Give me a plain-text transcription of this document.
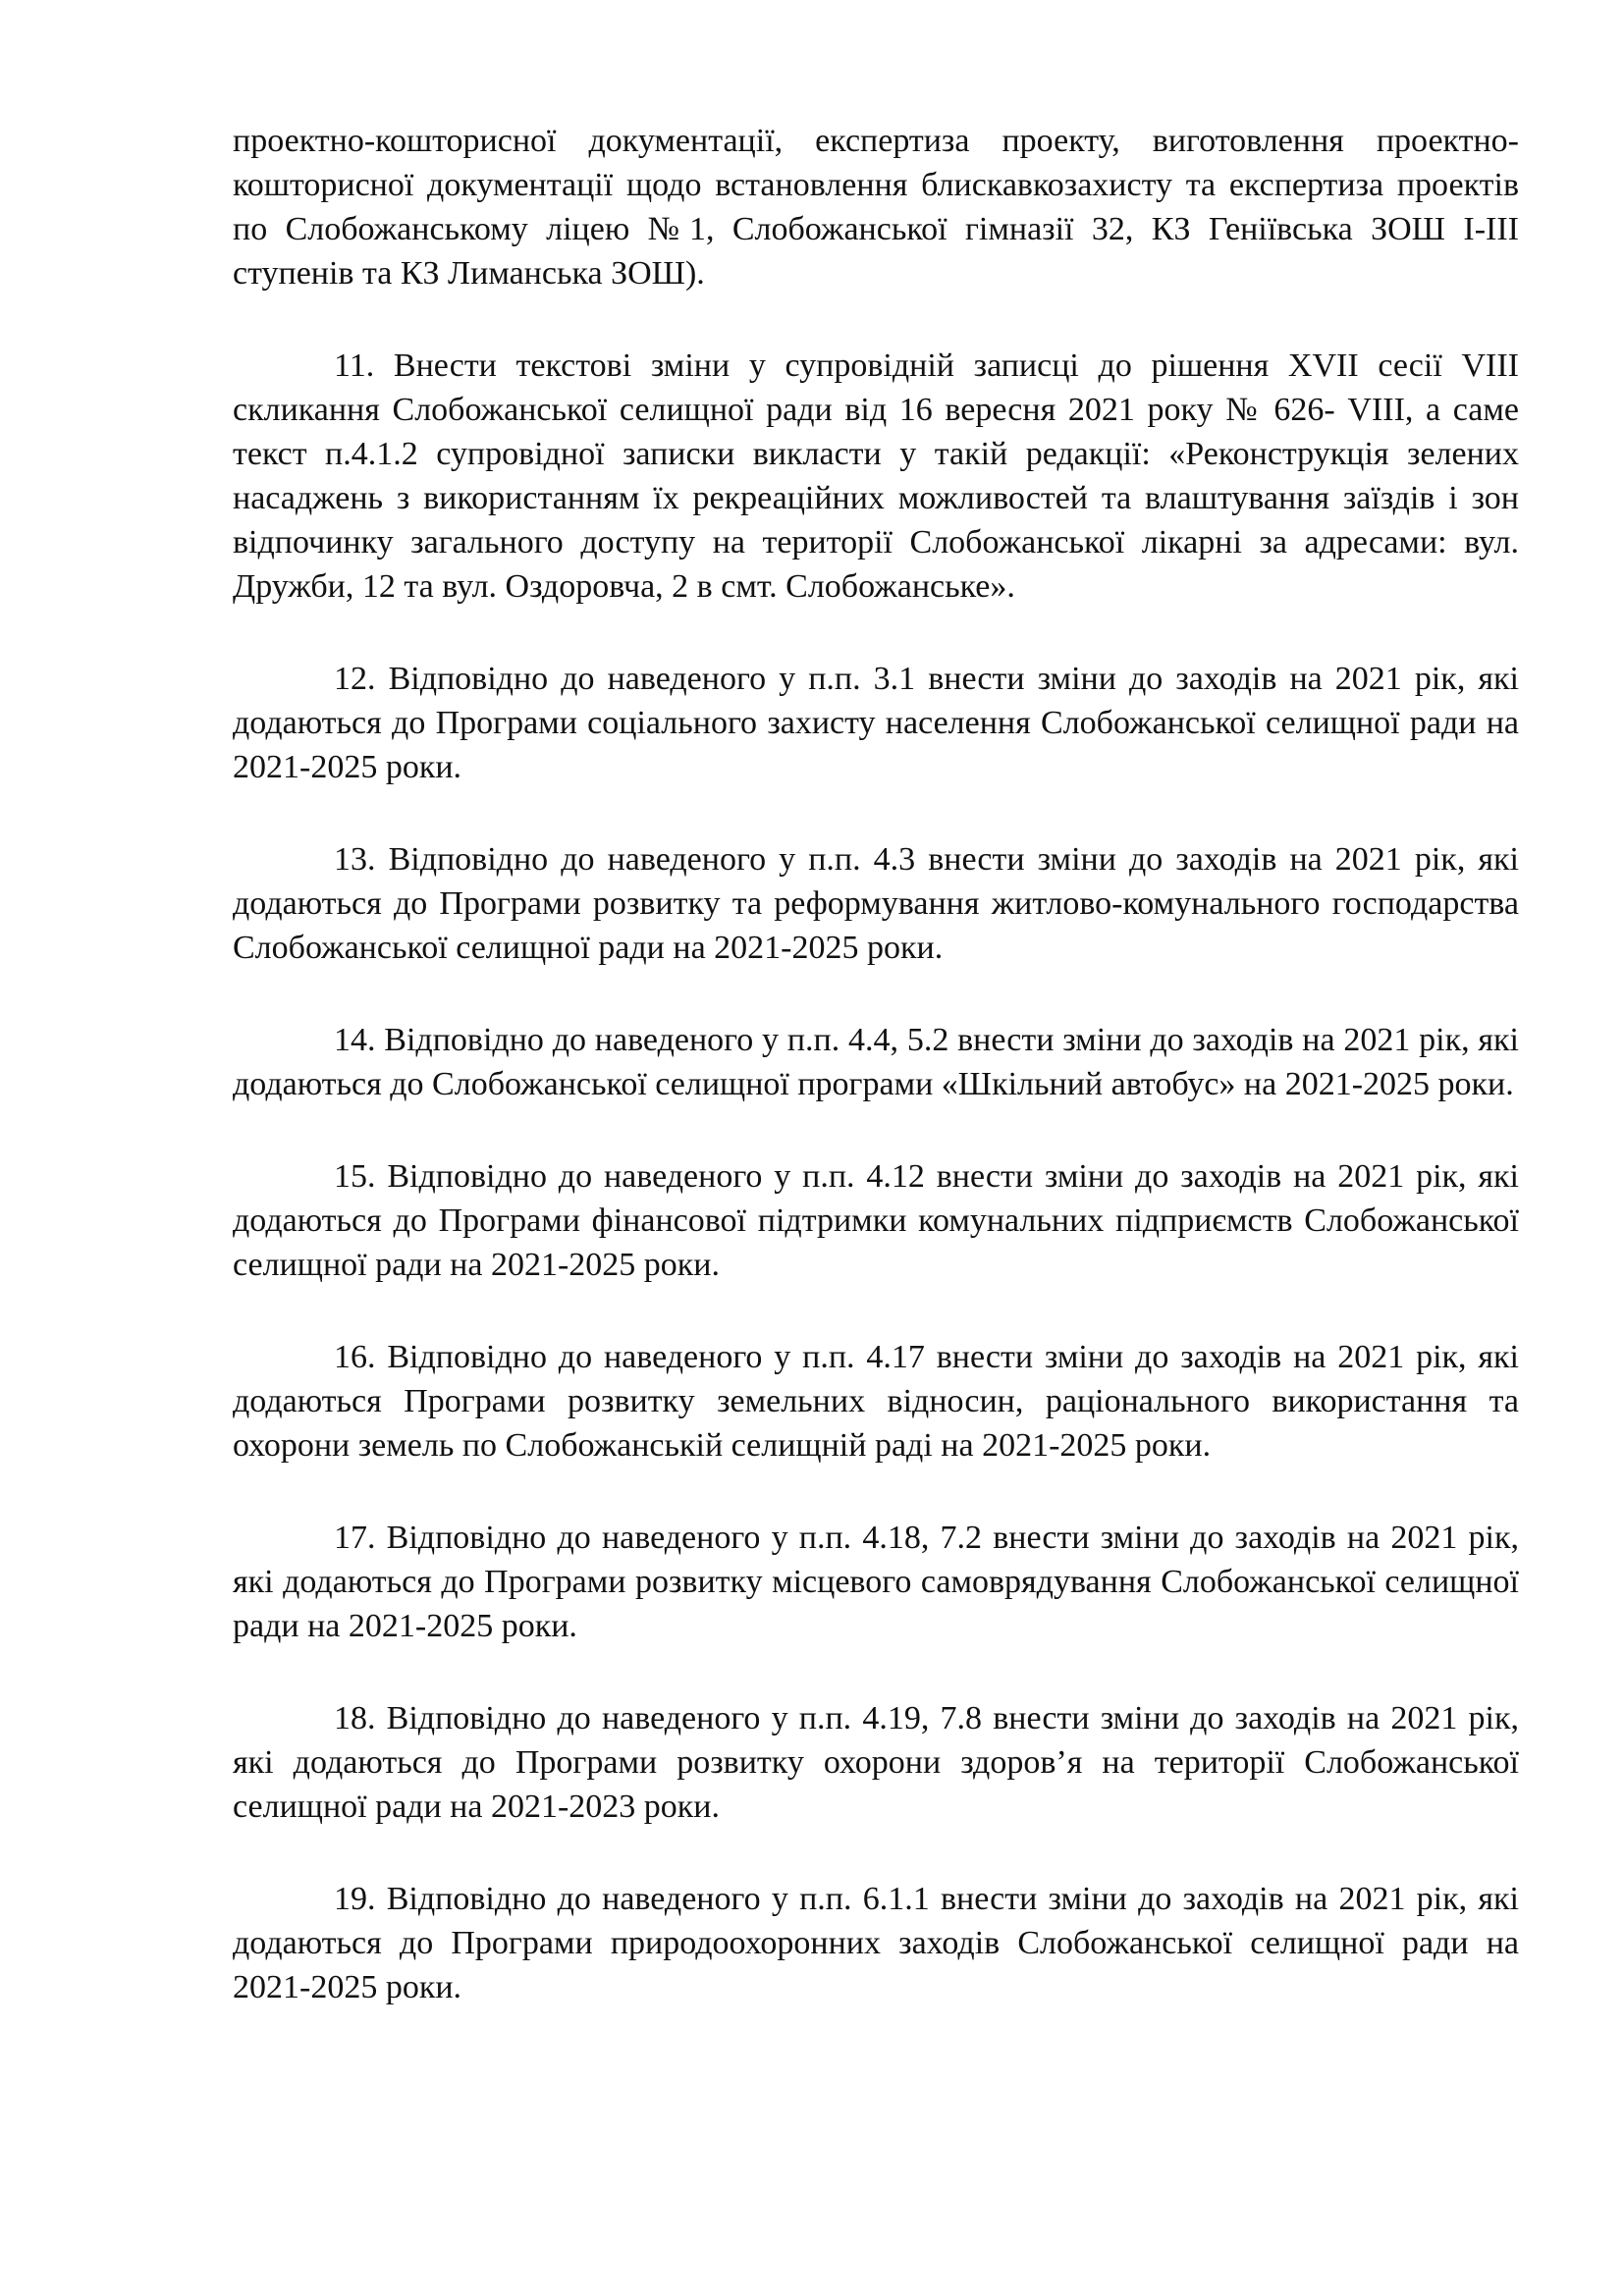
проектно-кошторисної документації, експертиза проекту, виготовлення проектно-кошторисної документації щодо встановлення блискавкозахисту та експертиза проектів по Слобожанському ліцею №1, Слобожанської гімназії 32, КЗ Генiївська ЗОШ I-III ступенів та КЗ Лиманська ЗОШ).

11. Внести текстові зміни у супровідній записці до рішення XVII сесії VIII скликання Слобожанської селищної ради від 16 вересня 2021 року № 626- VIII, а саме текст п.4.1.2 супровідної записки викласти у такій редакції: «Реконструкція зелених насаджень з використанням їх рекреаційних можливостей та влаштування заїздів і зон відпочинку загального доступу на території Слобожанської лікарні за адресами: вул. Дружби, 12 та вул. Оздоровча, 2 в смт. Слобожанське».

12. Відповідно до наведеного у п.п. 3.1 внести зміни до заходів на 2021 рік, які додаються до Програми соціального захисту населення Слобожанської селищної ради на 2021-2025 роки.

13. Відповідно до наведеного у п.п. 4.3 внести зміни до заходів на 2021 рік, які додаються до Програми розвитку та реформування житлово-комунального господарства Слобожанської селищної ради на 2021-2025 роки.

14. Відповідно до наведеного у п.п. 4.4, 5.2 внести зміни до заходів на 2021 рік, які додаються до Слобожанської селищної програми «Шкільний автобус» на 2021-2025 роки.

15. Відповідно до наведеного у п.п. 4.12 внести зміни до заходів на 2021 рік, які додаються до Програми фінансової підтримки комунальних підприємств Слобожанської селищної ради на 2021-2025 роки.

16. Відповідно до наведеного у п.п. 4.17 внести зміни до заходів на 2021 рік, які додаються Програми розвитку земельних відносин, раціонального використання та охорони земель по Слобожанській селищній раді на 2021-2025 роки.

17. Відповідно до наведеного у п.п. 4.18, 7.2 внести зміни до заходів на 2021 рік, які додаються до Програми розвитку місцевого самоврядування Слобожанської селищної ради на 2021-2025 роки.

18. Відповідно до наведеного у п.п. 4.19, 7.8 внести зміни до заходів на 2021 рік, які додаються до Програми розвитку охорони здоров’я на території Слобожанської селищної ради на 2021-2023 роки.

19. Відповідно до наведеного у п.п. 6.1.1 внести зміни до заходів на 2021 рік, які додаються до Програми природоохоронних заходів Слобожанської селищної ради на 2021-2025 роки.
